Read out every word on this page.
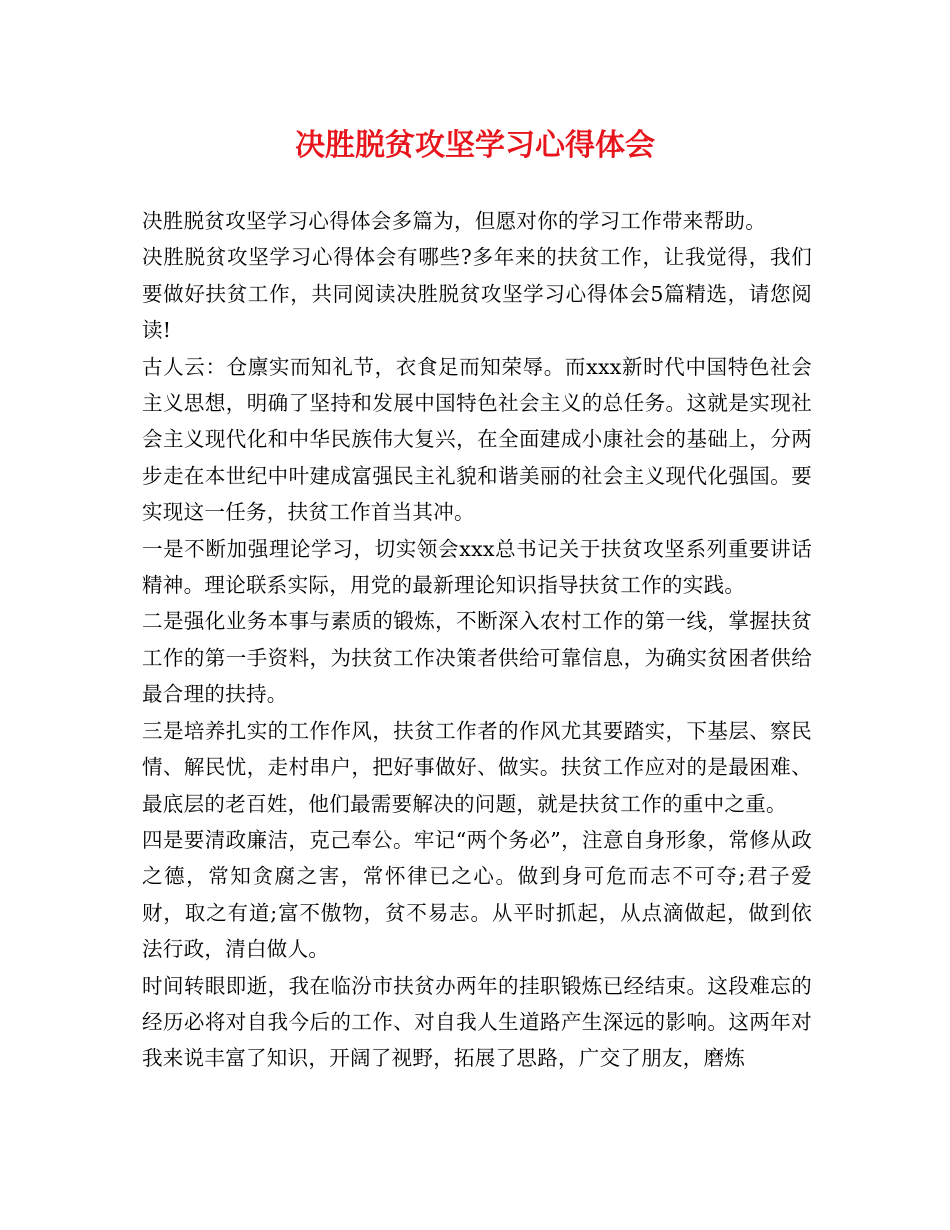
决胜脱贫攻坚学习心得体会

决胜脱贫攻坚学习心得体会多篇为，但愿对你的学习工作带来帮助。

决胜脱贫攻坚学习心得体会有哪些?多年来的扶贫工作，让我觉得，我们要做好扶贫工作，共同阅读决胜脱贫攻坚学习心得体会5篇精选，请您阅读!

古人云：仓廪实而知礼节，衣食足而知荣辱。而xxx新时代中国特色社会主义思想，明确了坚持和发展中国特色社会主义的总任务。这就是实现社会主义现代化和中华民族伟大复兴，在全面建成小康社会的基础上，分两步走在本世纪中叶建成富强民主礼貌和谐美丽的社会主义现代化强国。要实现这一任务，扶贫工作首当其冲。

一是不断加强理论学习，切实领会xxx总书记关于扶贫攻坚系列重要讲话精神。理论联系实际，用党的最新理论知识指导扶贫工作的实践。

二是强化业务本事与素质的锻炼，不断深入农村工作的第一线，掌握扶贫工作的第一手资料，为扶贫工作决策者供给可靠信息，为确实贫困者供给最合理的扶持。

三是培养扎实的工作作风，扶贫工作者的作风尤其要踏实，下基层、察民情、解民忧，走村串户，把好事做好、做实。扶贫工作应对的是最困难、最底层的老百姓，他们最需要解决的问题，就是扶贫工作的重中之重。

四是要清政廉洁，克己奉公。牢记“两个务必”，注意自身形象，常修从政之德，常知贪腐之害，常怀律已之心。做到身可危而志不可夺;君子爱财，取之有道;富不傲物，贫不易志。从平时抓起，从点滴做起，做到依法行政，清白做人。

时间转眼即逝，我在临汾市扶贫办两年的挂职锻炼已经结束。这段难忘的经历必将对自我今后的工作、对自我人生道路产生深远的影响。这两年对我来说丰富了知识，开阔了视野，拓展了思路，广交了朋友，磨炼
